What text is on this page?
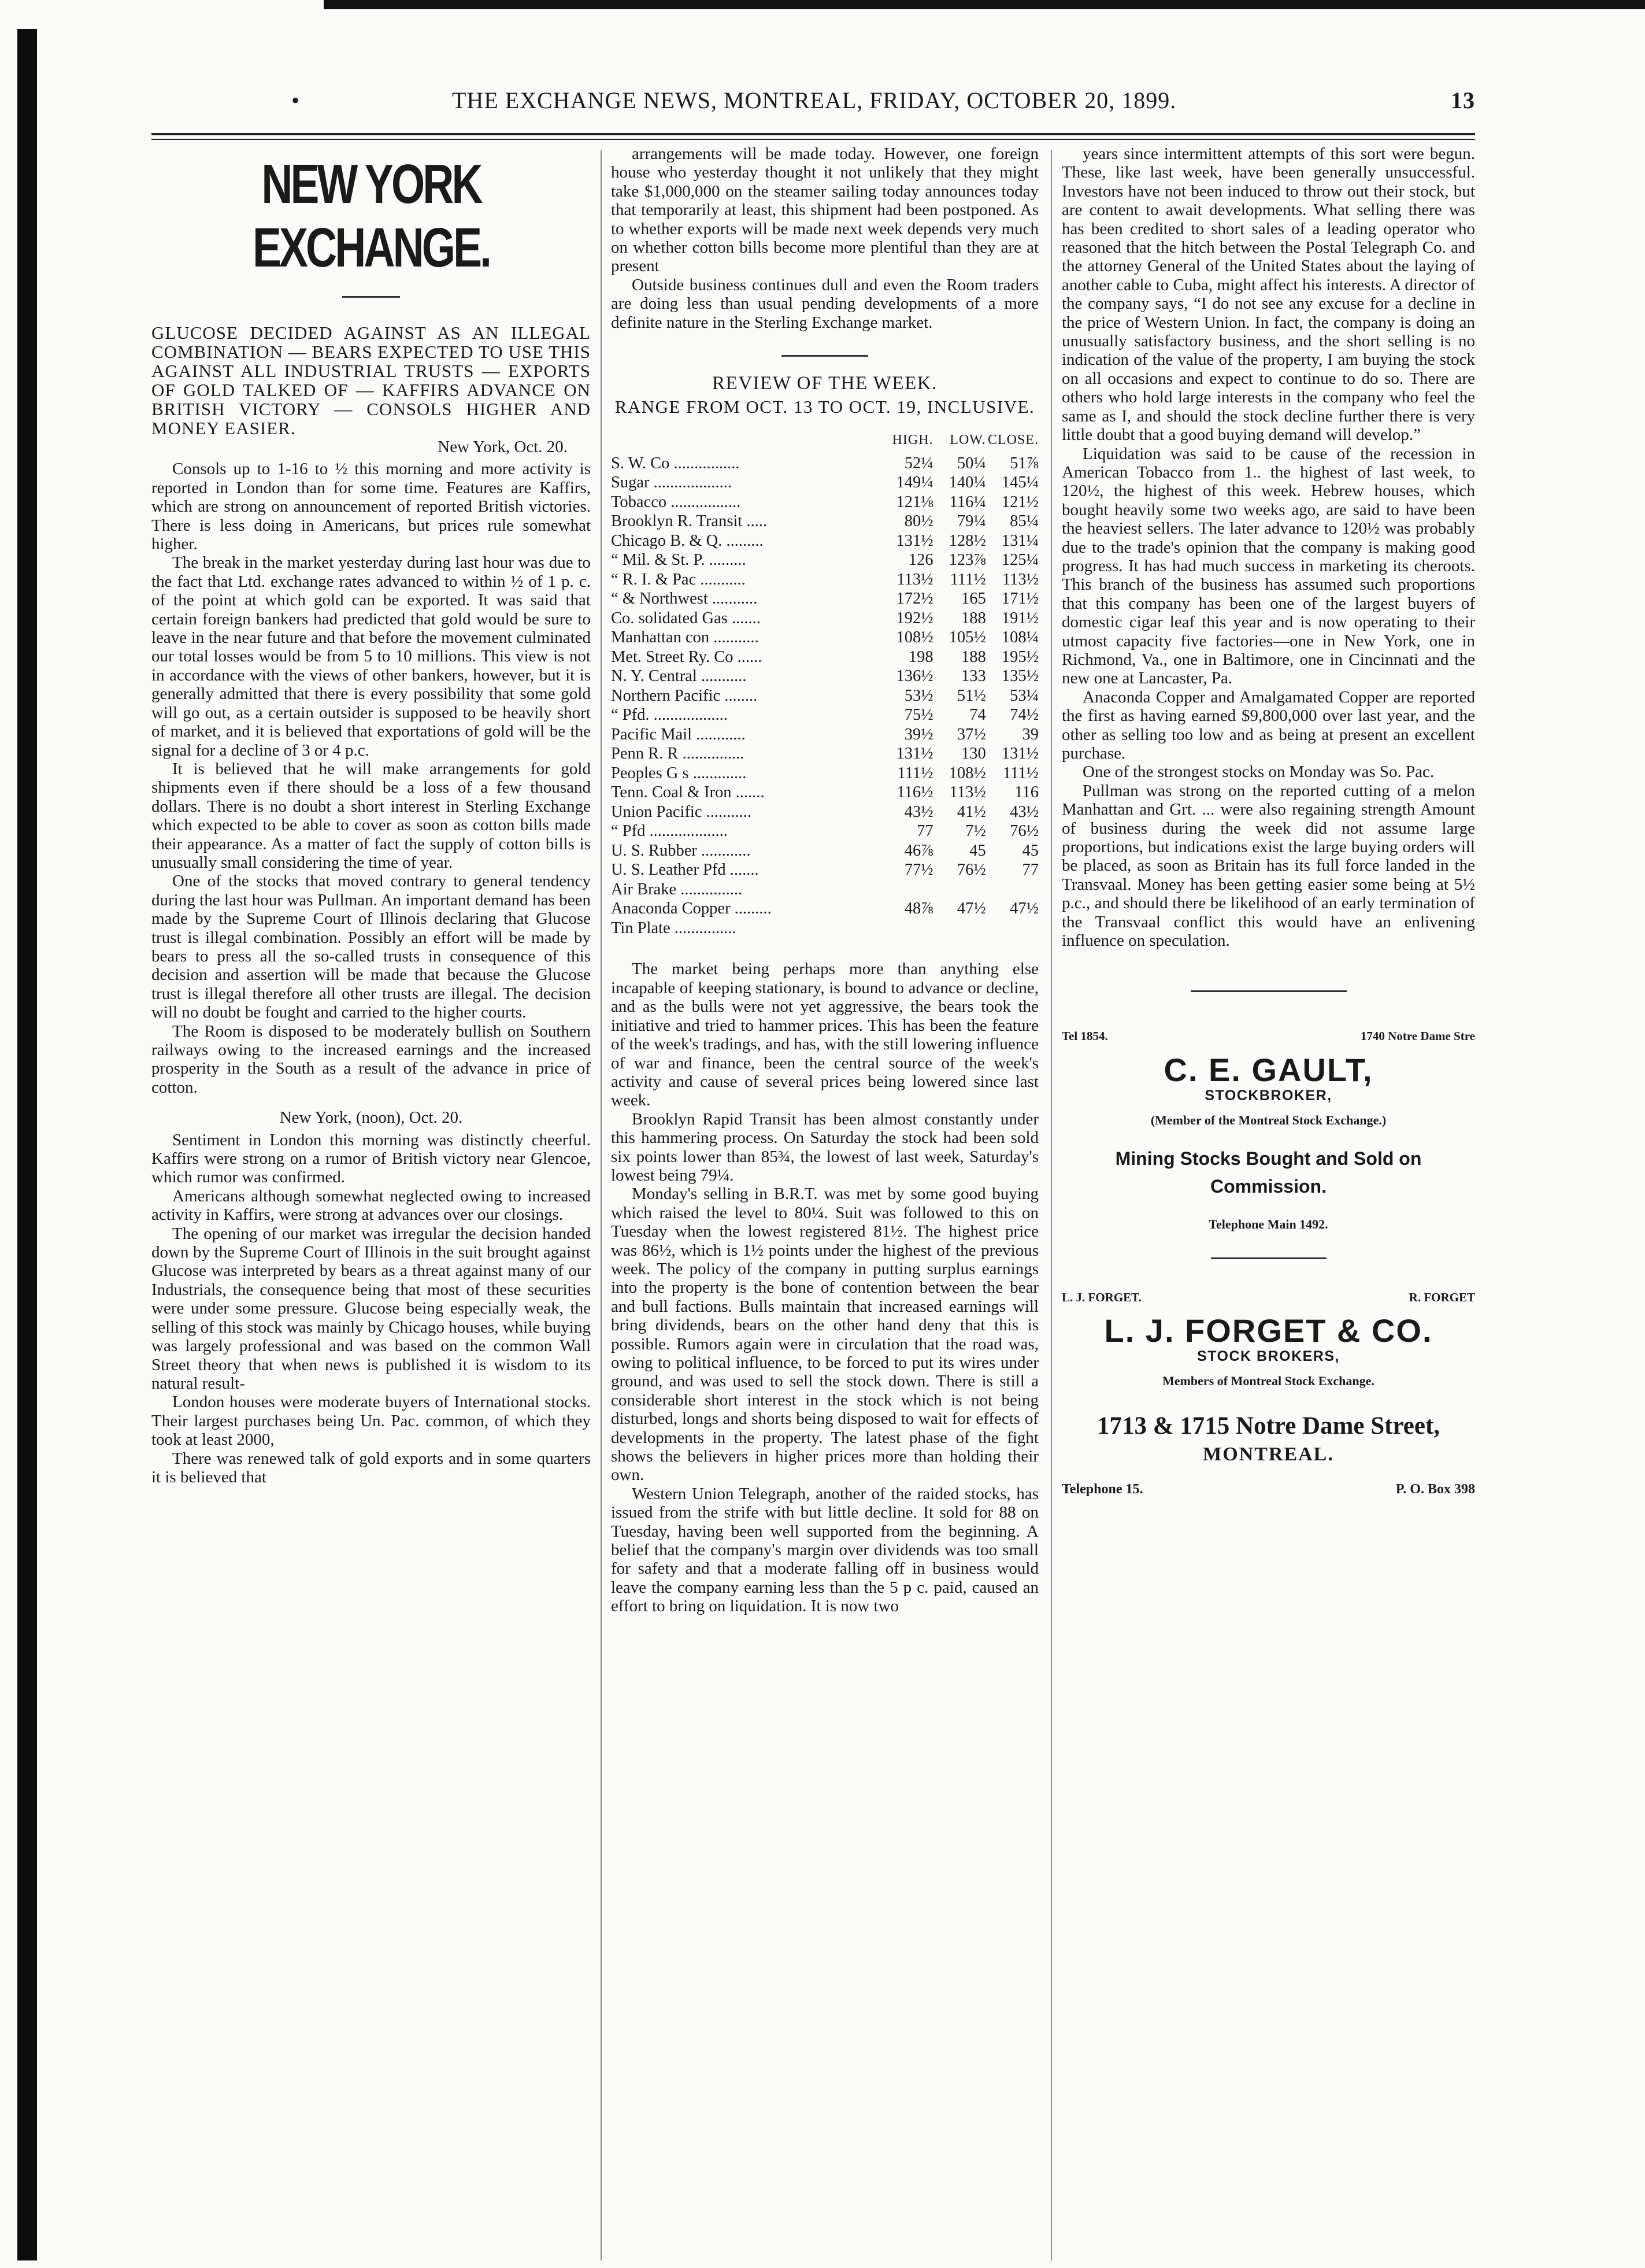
•	THE EXCHANGE NEWS, MONTREAL, FRIDAY, OCTOBER 20, 1899.	13
NEW YORK EXCHANGE.

GLUCOSE DECIDED AGAINST AS AN ILLEGAL COMBINATION — BEARS EXPECTED TO USE THIS AGAINST ALL INDUSTRIAL TRUSTS — EXPORTS OF GOLD TALKED OF — KAFFIRS ADVANCE ON BRITISH VICTORY — CONSOLS HIGHER AND MONEY EASIER.

New York, Oct. 20.

Consols up to 1-16 to ½ this morning and more activity is reported in London than for some time. Features are Kaffirs, which are strong on announcement of reported British victories. There is less doing in Americans, but prices rule somewhat higher.

The break in the market yesterday during last hour was due to the fact that Ltd. exchange rates advanced to within ½ of 1 p. c. of the point at which gold can be exported. It was said that certain foreign bankers had predicted that gold would be sure to leave in the near future and that before the movement culminated our total losses would be from 5 to 10 millions. This view is not in accordance with the views of other bankers, however, but it is generally admitted that there is every possibility that some gold will go out, as a certain outsider is supposed to be heavily short of market, and it is believed that exportations of gold will be the signal for a decline of 3 or 4 p.c.

It is believed that he will make arrangements for gold shipments even if there should be a loss of a few thousand dollars. There is no doubt a short interest in Sterling Exchange which expected to be able to cover as soon as cotton bills made their appearance. As a matter of fact the supply of cotton bills is unusually small considering the time of year.

One of the stocks that moved contrary to general tendency during the last hour was Pullman. An important demand has been made by the Supreme Court of Illinois declaring that Glucose trust is illegal combination. Possibly an effort will be made by bears to press all the so-called trusts in consequence of this decision and assertion will be made that because the Glucose trust is illegal therefore all other trusts are illegal. The decision will no doubt be fought and carried to the higher courts.

The Room is disposed to be moderately bullish on Southern railways owing to the increased earnings and the increased prosperity in the South as a result of the advance in price of cotton.

New York, (noon), Oct. 20.

Sentiment in London this morning was distinctly cheerful. Kaffirs were strong on a rumor of British victory near Glencoe, which rumor was confirmed.

Americans although somewhat neglected owing to increased activity in Kaffirs, were strong at advances over our closings.

The opening of our market was irregular the decision handed down by the Supreme Court of Illinois in the suit brought against Glucose was interpreted by bears as a threat against many of our Industrials, the consequence being that most of these securities were under some pressure. Glucose being especially weak, the selling of this stock was mainly by Chicago houses, while buying was largely professional and was based on the common Wall Street theory that when news is published it is wisdom to its natural result-

London houses were moderate buyers of International stocks. Their largest purchases being Un. Pac. common, of which they took at least 2000,

There was renewed talk of gold exports and in some quarters it is believed that

arrangements will be made today. However, one foreign house who yesterday thought it not unlikely that they might take $1,000,000 on the steamer sailing today announces today that temporarily at least, this shipment had been postponed. As to whether exports will be made next week depends very much on whether cotton bills become more plentiful than they are at present

Outside business continues dull and even the Room traders are doing less than usual pending developments of a more definite nature in the Sterling Exchange market.

REVIEW OF THE WEEK.
RANGE FROM OCT. 13 TO OCT. 19, INCLUSIVE.
	HIGH.	LOW.	CLOSE.
S. W. Co ................	52¼	50¼	51⅞
Sugar ...................	149¼	140¼	145¼
Tobacco .................	121⅛	116¼	121½
Brooklyn R. Transit .....	80½	79¼	85¼
Chicago B. & Q. .........	131½	128½	131¼
“ Mil. & St. P. .........	126	123⅞	125¼
“ R. I. & Pac ...........	113½	111½	113½
“ & Northwest ...........	172½	165	171½
Co. solidated Gas .......	192½	188	191½
Manhattan con ...........	108½	105½	108¼
Met. Street Ry. Co ......	198	188	195½
N. Y. Central ...........	136½	133	135½
Northern Pacific ........	53½	51½	53¼
“ Pfd. ..................	75½	74	74½
Pacific Mail ............	39½	37½	39
Penn R. R ...............	131½	130	131½
Peoples G s .............	111½	108½	111½
Tenn. Coal & Iron .......	116½	113½	116
Union Pacific ...........	43½	41½	43½
“ Pfd ...................	77	7½	76½
U. S. Rubber ............	46⅞	45	45
U. S. Leather Pfd .......	77½	76½	77
Air Brake ...............			
Anaconda Copper .........	48⅞	47½	47½
Tin Plate ...............			

The market being perhaps more than anything else incapable of keeping stationary, is bound to advance or decline, and as the bulls were not yet aggressive, the bears took the initiative and tried to hammer prices. This has been the feature of the week's tradings, and has, with the still lowering influence of war and finance, been the central source of the week's activity and cause of several prices being lowered since last week.

Brooklyn Rapid Transit has been almost constantly under this hammering process. On Saturday the stock had been sold six points lower than 85¾, the lowest of last week, Saturday's lowest being 79¼.

Monday's selling in B.R.T. was met by some good buying which raised the level to 80¼. Suit was followed to this on Tuesday when the lowest registered 81½. The highest price was 86½, which is 1½ points under the highest of the previous week. The policy of the company in putting surplus earnings into the property is the bone of contention between the bear and bull factions. Bulls maintain that increased earnings will bring dividends, bears on the other hand deny that this is possible. Rumors again were in circulation that the road was, owing to political influence, to be forced to put its wires under ground, and was used to sell the stock down. There is still a considerable short interest in the stock which is not being disturbed, longs and shorts being disposed to wait for effects of developments in the property. The latest phase of the fight shows the believers in higher prices more than holding their own.

Western Union Telegraph, another of the raided stocks, has issued from the strife with but little decline. It sold for 88 on Tuesday, having been well supported from the beginning. A belief that the company's margin over dividends was too small for safety and that a moderate falling off in business would leave the company earning less than the 5 p c. paid, caused an effort to bring on liquidation. It is now two

years since intermittent attempts of this sort were begun. These, like last week, have been generally unsuccessful. Investors have not been induced to throw out their stock, but are content to await developments. What selling there was has been credited to short sales of a leading operator who reasoned that the hitch between the Postal Telegraph Co. and the attorney General of the United States about the laying of another cable to Cuba, might affect his interests. A director of the company says, “I do not see any excuse for a decline in the price of Western Union. In fact, the company is doing an unusually satisfactory business, and the short selling is no indication of the value of the property, I am buying the stock on all occasions and expect to continue to do so. There are others who hold large interests in the company who feel the same as I, and should the stock decline further there is very little doubt that a good buying demand will develop.”

Liquidation was said to be cause of the recession in American Tobacco from 1.. the highest of last week, to 120½, the highest of this week. Hebrew houses, which bought heavily some two weeks ago, are said to have been the heaviest sellers. The later advance to 120½ was probably due to the trade's opinion that the company is making good progress. It has had much success in marketing its cheroots. This branch of the business has assumed such proportions that this company has been one of the largest buyers of domestic cigar leaf this year and is now operating to their utmost capacity five factories—one in New York, one in Richmond, Va., one in Baltimore, one in Cincinnati and the new one at Lancaster, Pa.

Anaconda Copper and Amalgamated Copper are reported the first as having earned $9,800,000 over last year, and the other as selling too low and as being at present an excellent purchase.

One of the strongest stocks on Monday was So. Pac.

Pullman was strong on the reported cutting of a melon Manhattan and Grt. ... were also regaining strength Amount of business during the week did not assume large proportions, but indications exist the large buying orders will be placed, as soon as Britain has its full force landed in the Transvaal. Money has been getting easier some being at 5½ p.c., and should there be likelihood of an early termination of the Transvaal conflict this would have an enlivening influence on speculation.

Tel 1854.	1740 Notre Dame Stre
C. E. GAULT,
STOCKBROKER,
(Member of the Montreal Stock Exchange.)
Mining Stocks Bought and Sold on Commission.
Telephone Main 1492.
L. J. FORGET.	R. FORGET
L. J. FORGET & CO.
STOCK BROKERS,
Members of Montreal Stock Exchange.
1713 & 1715 Notre Dame Street,
MONTREAL.
Telephone 15.	P. O. Box 398
